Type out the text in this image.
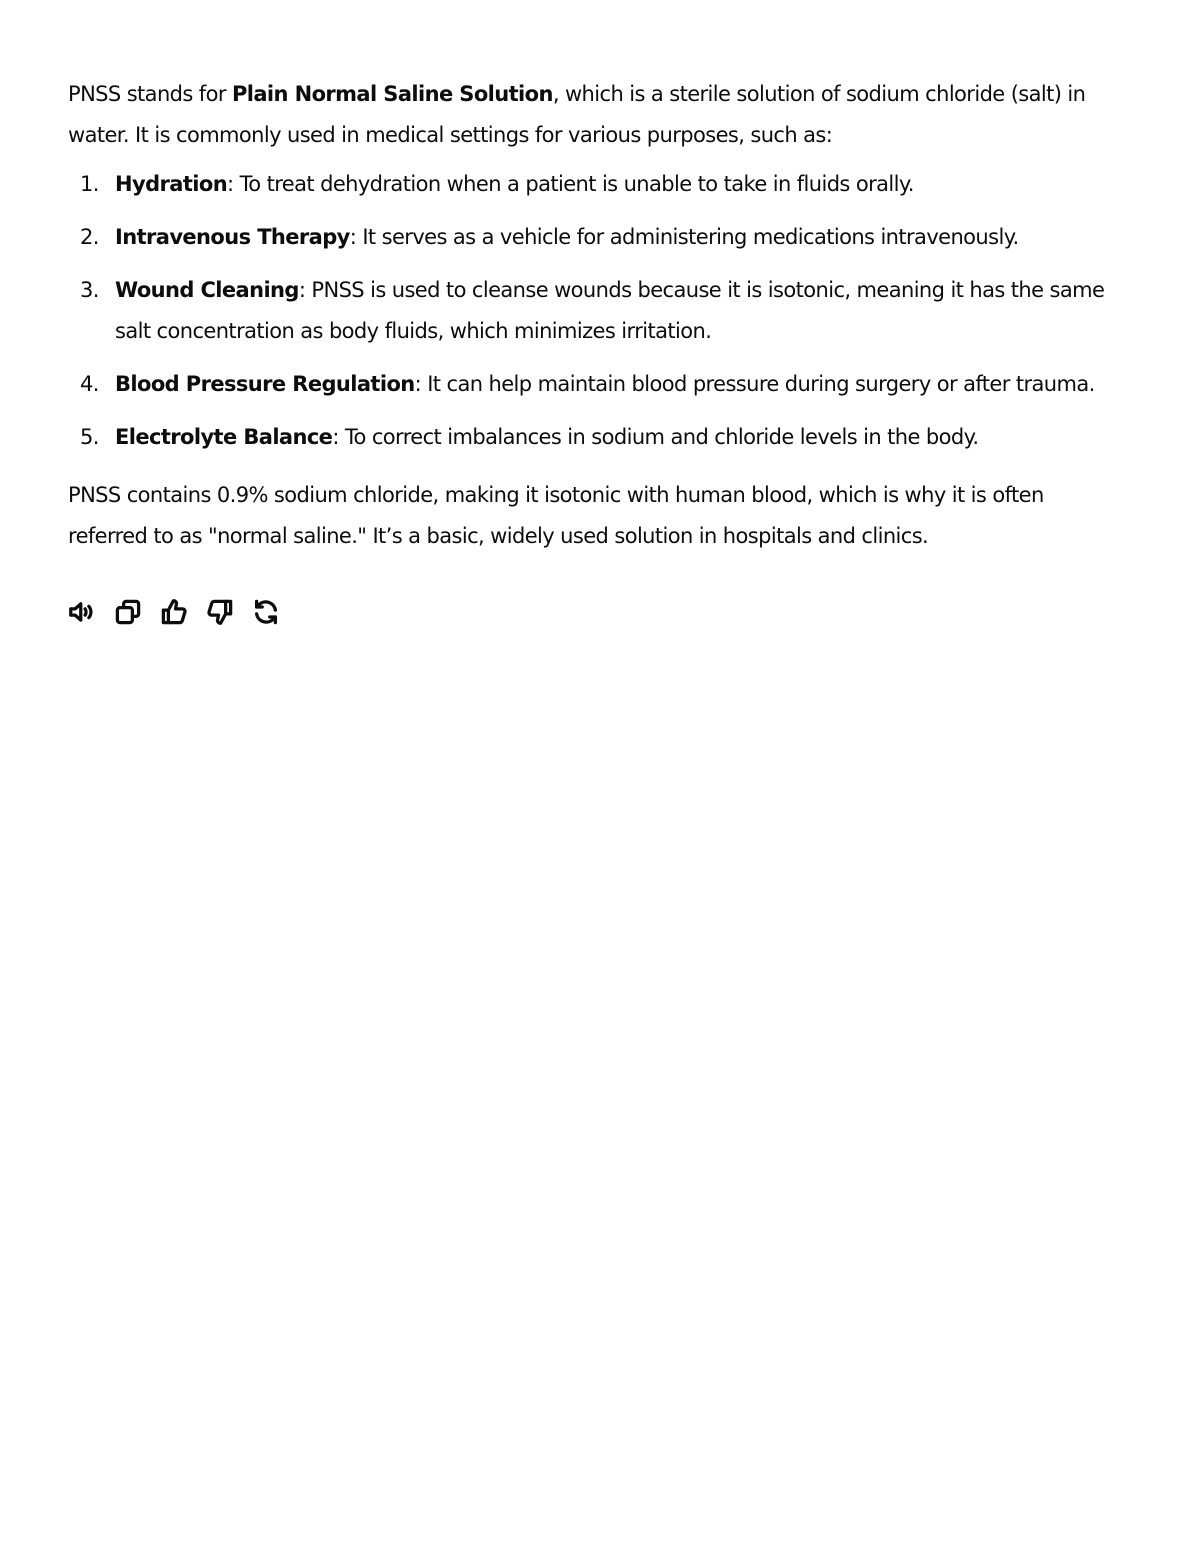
PNSS stands for Plain Normal Saline Solution, which is a sterile solution of sodium chloride (salt) in water. It is commonly used in medical settings for various purposes, such as:

1. Hydration: To treat dehydration when a patient is unable to take in fluids orally.
2. Intravenous Therapy: It serves as a vehicle for administering medications intravenously.
3. Wound Cleaning: PNSS is used to cleanse wounds because it is isotonic, meaning it has the same salt concentration as body fluids, which minimizes irritation.
4. Blood Pressure Regulation: It can help maintain blood pressure during surgery or after trauma.
5. Electrolyte Balance: To correct imbalances in sodium and chloride levels in the body.

PNSS contains 0.9% sodium chloride, making it isotonic with human blood, which is why it is often referred to as "normal saline." It’s a basic, widely used solution in hospitals and clinics.
